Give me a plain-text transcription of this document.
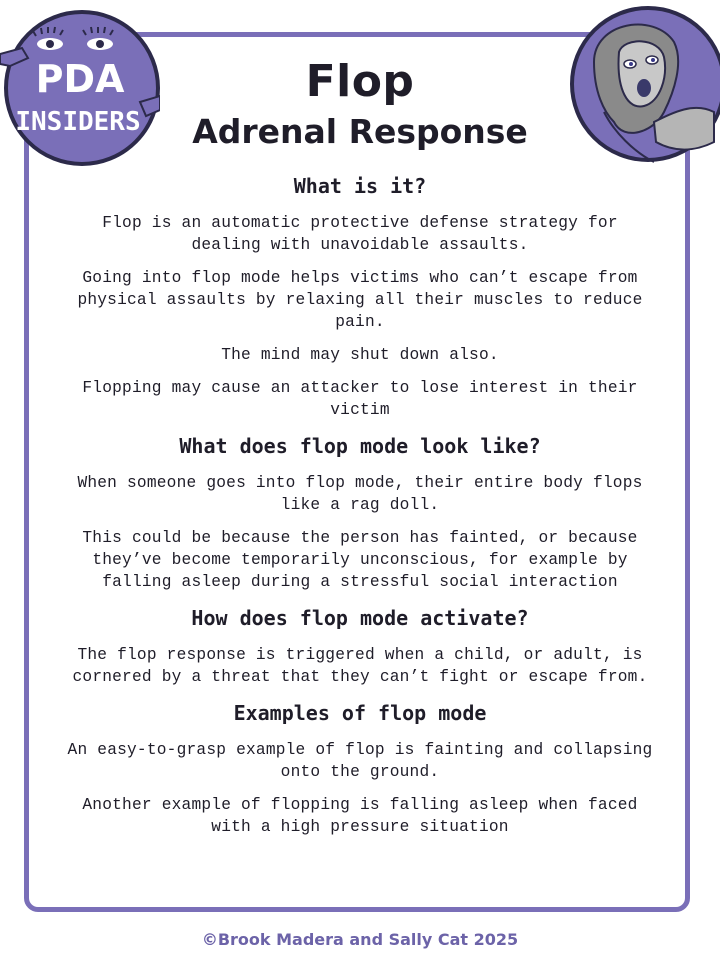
PDA
INSIDERS
Flop
Adrenal Response
What is it?

Flop is an automatic protective defense strategy for dealing with unavoidable assaults.

Going into flop mode helps victims who can’t escape from physical assaults by relaxing all their muscles to reduce pain.

The mind may shut down also.

Flopping may cause an attacker to lose interest in their victim

What does flop mode look like?

When someone goes into flop mode, their entire body flops like a rag doll.

This could be because the person has fainted, or because they’ve become temporarily unconscious, for example by falling asleep during a stressful social interaction

How does flop mode activate?

The flop response is triggered when a child, or adult, is cornered by a threat that they can’t fight or escape from.

Examples of flop mode

An easy-to-grasp example of flop is fainting and collapsing onto the ground.

Another example of flopping is falling asleep when faced with a high pressure situation

©Brook Madera and Sally Cat 2025
